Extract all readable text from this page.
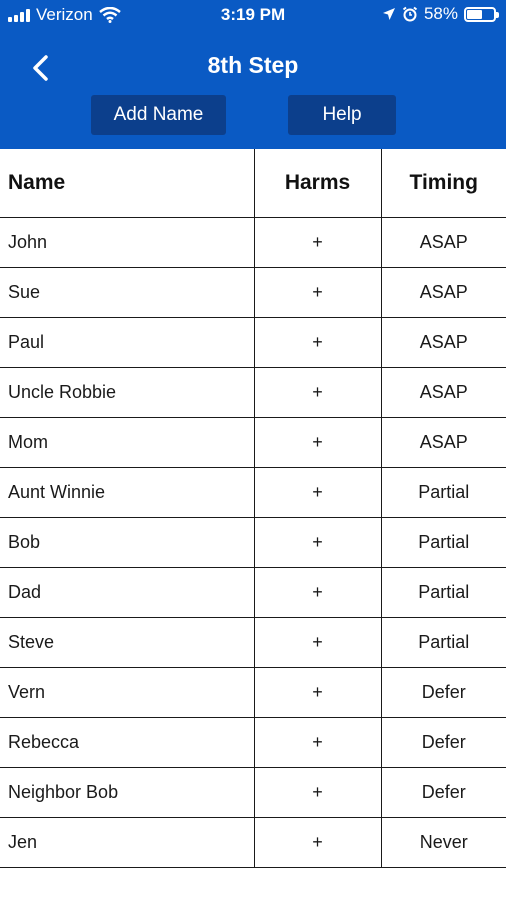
Verizon	3:19 PM	58%
8th Step
Add Name	Help
Name	Harms	Timing
John	+	ASAP
Sue	+	ASAP
Paul	+	ASAP
Uncle Robbie	+	ASAP
Mom	+	ASAP
Aunt Winnie	+	Partial
Bob	+	Partial
Dad	+	Partial
Steve	+	Partial
Vern	+	Defer
Rebecca	+	Defer
Neighbor Bob	+	Defer
Jen	+	Never
